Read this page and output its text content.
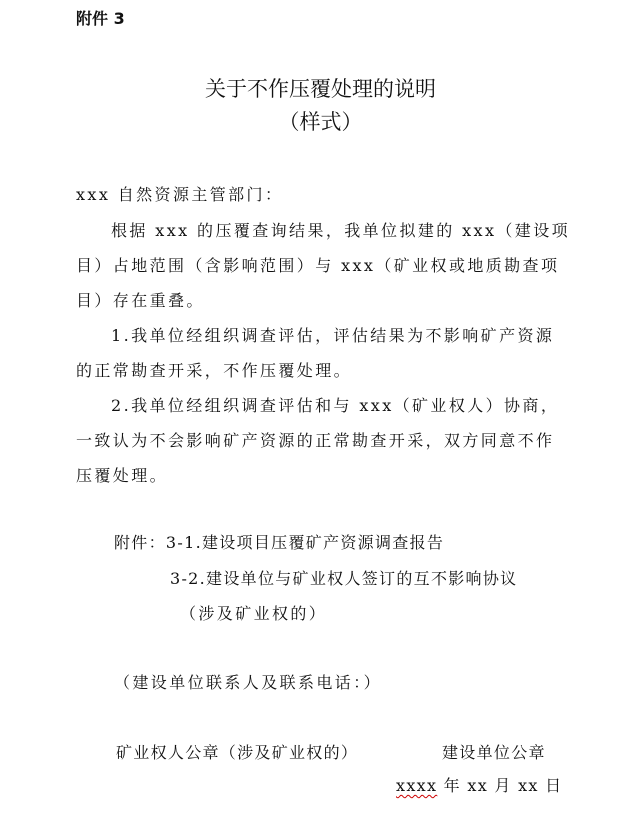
附件 3
关于不作压覆处理的说明
（样式）
xxx 自然资源主管部门：
根据 xxx 的压覆查询结果，我单位拟建的 xxx（建设项
目）占地范围（含影响范围）与 xxx（矿业权或地质勘查项
目）存在重叠。
1.我单位经组织调查评估，评估结果为不影响矿产资源
的正常勘查开采，不作压覆处理。
2.我单位经组织调查评估和与 xxx（矿业权人）协商，
一致认为不会影响矿产资源的正常勘查开采，双方同意不作
压覆处理。
附件：3-1.建设项目压覆矿产资源调查报告
3-2.建设单位与矿业权人签订的互不影响协议
（涉及矿业权的）
（建设单位联系人及联系电话：）
矿业权人公章（涉及矿业权的）	建设单位公章
xxxx 年 xx 月 xx 日
